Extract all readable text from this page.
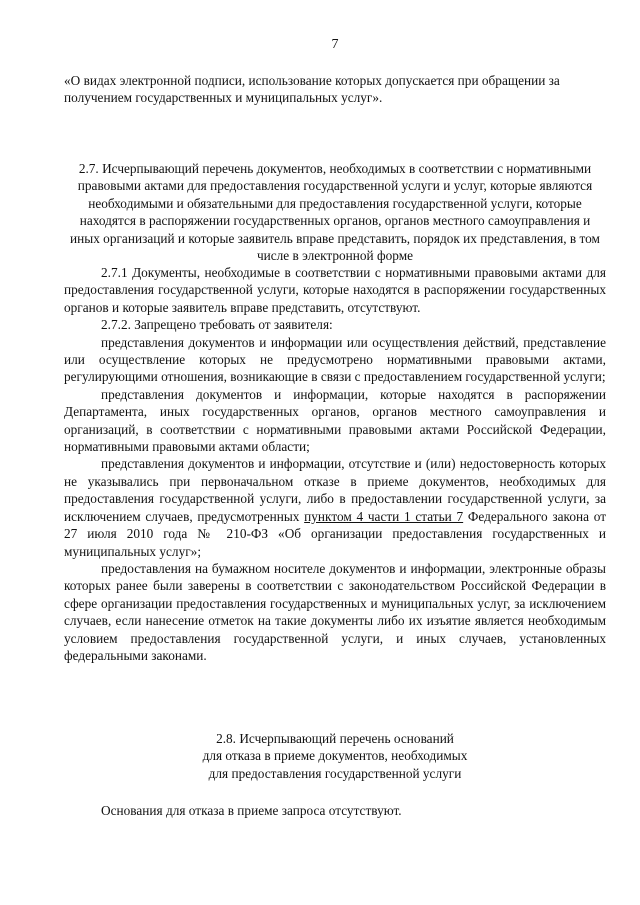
7

«О видах электронной подписи, использование которых допускается при обращении за получением государственных и муниципальных услуг».

2.7. Исчерпывающий перечень документов, необходимых в соответствии с нормативными правовыми актами для предоставления государственной услуги и услуг, которые являются необходимыми и обязательными для предоставления государственной услуги, которые находятся в распоряжении государственных органов, органов местного самоуправления и иных организаций и которые заявитель вправе представить, порядок их представления, в том числе в электронной форме

2.7.1 Документы, необходимые в соответствии с нормативными правовыми актами для предоставления государственной услуги, которые находятся в распоряжении государственных органов и которые заявитель вправе представить, отсутствуют.

2.7.2. Запрещено требовать от заявителя:

представления документов и информации или осуществления действий, представление или осуществление которых не предусмотрено нормативными правовыми актами, регулирующими отношения, возникающие в связи с предоставлением государственной услуги;

представления документов и информации, которые находятся в распоряжении Департамента, иных государственных органов, органов местного самоуправления и организаций, в соответствии с нормативными правовыми актами Российской Федерации, нормативными правовыми актами области;

представления документов и информации, отсутствие и (или) недостоверность которых не указывались при первоначальном отказе в приеме документов, необходимых для предоставления государственной услуги, либо в предоставлении государственной услуги, за исключением случаев, предусмотренных пунктом 4 части 1 статьи 7 Федерального закона от 27 июля 2010 года № 210-ФЗ «Об организации предоставления государственных и муниципальных услуг»;

предоставления на бумажном носителе документов и информации, электронные образы которых ранее были заверены в соответствии с законодательством Российской Федерации в сфере организации предоставления государственных и муниципальных услуг, за исключением случаев, если нанесение отметок на такие документы либо их изъятие является необходимым условием предоставления государственной услуги, и иных случаев, установленных федеральными законами.

2.8. Исчерпывающий перечень оснований
для отказа в приеме документов, необходимых
для предоставления государственной услуги

Основания для отказа в приеме запроса отсутствуют.
